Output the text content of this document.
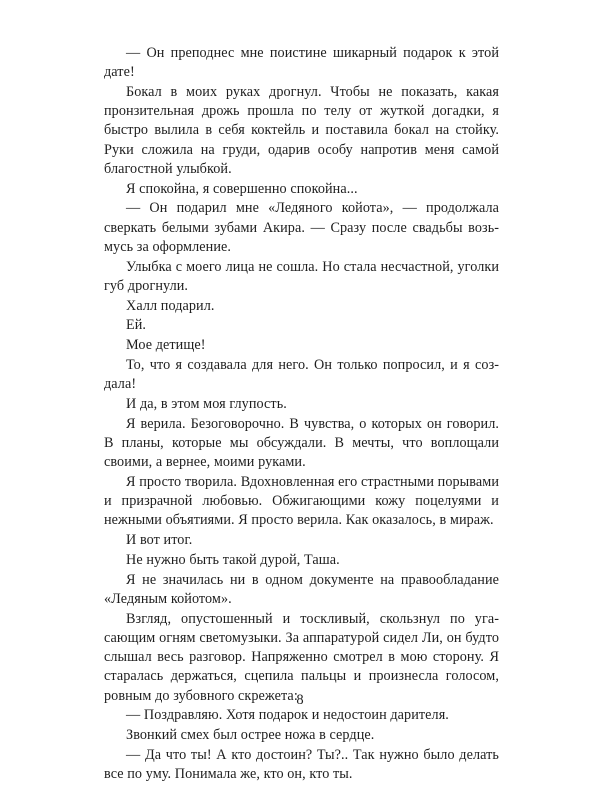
— Он преподнес мне поистине шикарный подарок к этой дате!

Бокал в моих руках дрогнул. Чтобы не показать, какая пронзительная дрожь прошла по телу от жуткой догадки, я быстро вылила в себя коктейль и поставила бокал на стойку. Руки сложила на груди, одарив особу напротив меня самой благостной улыбкой.

Я спокойна, я совершенно спокойна...

— Он подарил мне «Ледяного койота», — продолжала сверкать белыми зубами Акира. — Сразу после свадьбы возьмусь за оформление.

Улыбка с моего лица не сошла. Но стала несчастной, уголки губ дрогнули.

Халл подарил.

Ей.

Мое детище!

То, что я создавала для него. Он только попросил, и я создала!

И да, в этом моя глупость.

Я верила. Безоговорочно. В чувства, о которых он говорил. В планы, которые мы обсуждали. В мечты, что воплощали своими, а вернее, моими руками.

Я просто творила. Вдохновленная его страстными порывами и призрачной любовью. Обжигающими кожу поцелуями и нежными объятиями. Я просто верила. Как оказалось, в мираж.

И вот итог.

Не нужно быть такой дурой, Таша.

Я не значилась ни в одном документе на правообладание «Ледяным койотом».

Взгляд, опустошенный и тоскливый, скользнул по угасающим огням светомузыки. За аппаратурой сидел Ли, он будто слышал весь разговор. Напряженно смотрел в мою сторону. Я старалась держаться, сцепила пальцы и произнесла голосом, ровным до зубовного скрежета:

— Поздравляю. Хотя подарок и недостоин дарителя.

Звонкий смех был острее ножа в сердце.

— Да что ты! А кто достоин? Ты?.. Так нужно было делать все по уму. Понимала же, кто он, кто ты.

8
